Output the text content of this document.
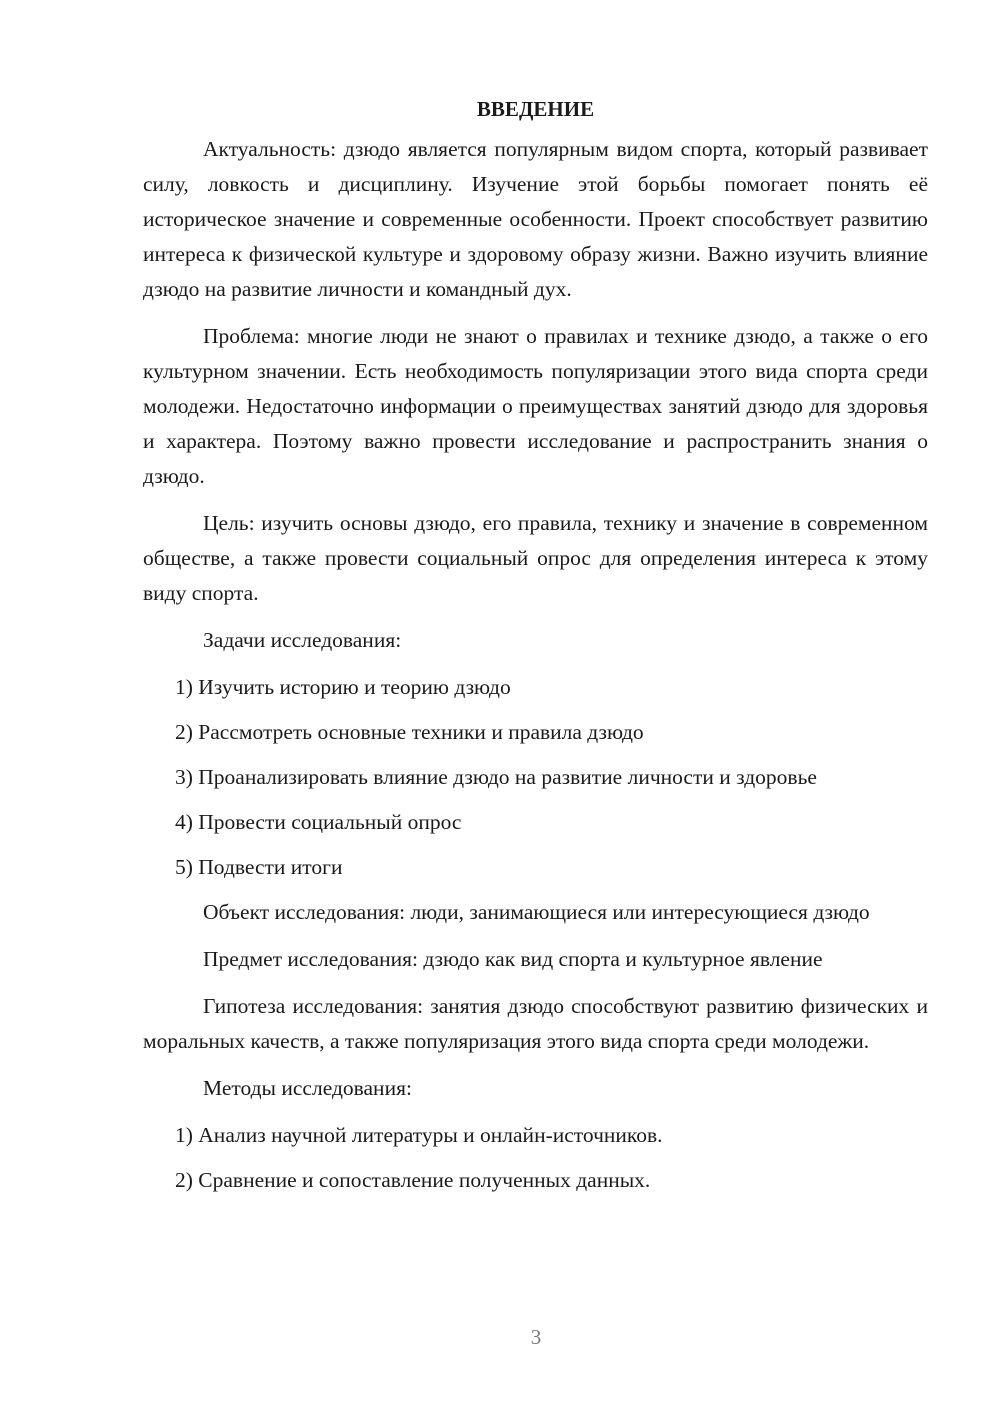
ВВЕДЕНИЕ

Актуальность: дзюдо является популярным видом спорта, который развивает силу, ловкость и дисциплину. Изучение этой борьбы помогает понять её историческое значение и современные особенности. Проект способствует развитию интереса к физической культуре и здоровому образу жизни. Важно изучить влияние дзюдо на развитие личности и командный дух.

Проблема: многие люди не знают о правилах и технике дзюдо, а также о его культурном значении. Есть необходимость популяризации этого вида спорта среди молодежи. Недостаточно информации о преимуществах занятий дзюдо для здоровья и характера. Поэтому важно провести исследование и распространить знания о дзюдо.

Цель: изучить основы дзюдо, его правила, технику и значение в современном обществе, а также провести социальный опрос для определения интереса к этому виду спорта.

Задачи исследования:
1) Изучить историю и теорию дзюдо
2) Рассмотреть основные техники и правила дзюдо
3) Проанализировать влияние дзюдо на развитие личности и здоровье
4) Провести социальный опрос
5) Подвести итоги

Объект исследования: люди, занимающиеся или интересующиеся дзюдо

Предмет исследования: дзюдо как вид спорта и культурное явление

Гипотеза исследования: занятия дзюдо способствуют развитию физических и моральных качеств, а также популяризация этого вида спорта среди молодежи.

Методы исследования:
1) Анализ научной литературы и онлайн-источников.
2) Сравнение и сопоставление полученных данных.
3
